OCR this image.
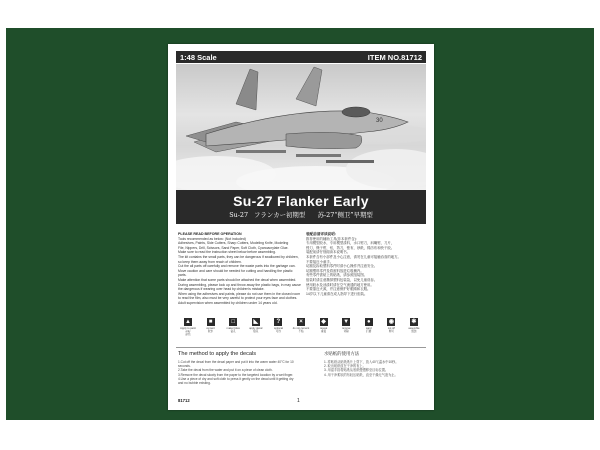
1:48 Scale	ITEM NO.81712
30
Su-27 Flanker Early
Su-27 フランカー初期型　 苏-27“侧卫”早期型
PLEASE READ BEFORE OPERATION
Tools recommended as below: (Not included)
Adhesives, Paints, Side Cutters, Sharp Cutters, Modeling Knife, Modeling
File, Nippers, Drill, Scissors, Sand Paper, Soft Cloth, Cyanoacrylate Glue.
Make sure to read the instruction sheet below before assembling.
The kit contains the small parts, they can be dangerous if swallowed by children,
so keep them away from reach of children.
Cut the all parts off carefully and remove the waste parts into the garbage can.
Move caution and care should be needed for cutting and handling the plastic
parts.
Make attention that some parts should be attached the decal when assembled.
During assembling, please look up and throw away the plastic bags, in may cause
the dangerous if wearing over head by children's mistake.
When using the adhesives and paints, please do not use them in the closed room
to read the film, also must be very careful to protect your eyes face and clothes.
Adult supervision when assembled by children under 14 years old.
装配前请详读说明：
推荐使用的辅助工具(非本套件含)：
专用模型胶水，专用模型漆料，水口钳刀，斜嘴钳，刀片，
锉刀，镊子钳，钻，剪刀，锉布，砂纸，棉纺布和快干胶。
装配前请仔细阅读本说明书。
本套件含有小部件及小心注意，请勿在儿童可接触吞食的地方。
不要接近小童手。
切割及拆取塑料零件时请小心操作并注意安全。
切割塑料零件及将废料放进垃圾桶内。
有些零件需贴上的贴纸，请参照组装图。
组装时请注意撕掉塑料包装袋，以免儿童误吞。
使用胶水及油漆时请在空气流通的地方使用。
不要靠近火源，并注意保护好眼睛和衣服。
14岁以下儿童请在成人指导下进行组装。
▲
Apply to paint only
涂色
■
cement
胶水
□
make holes
钻孔
◣
apply decal
贴花
?
optional
可选
×
do not cement
不粘
◆
repeat
重复
▼
remove
切除
●
sand
打磨
◉
cut off
剪切
✱
assemble
组装
The method to apply the decals	水贴纸的使用方法
1.Cut off the decal from the decal paper and put it into the warm water 40°C for 10
seconds.
2.Take the decal from the water and put it on a piece of clean cloth.
3.Remove the decal slowly from the paper to the targeted location by a wet finger.
4.Use a piece of dry and soft cloth to press it gently on the decal until it getting dry
and no bubble existing.
1. 将贴纸从贴纸纸片上剪下，放入40℃温水中10秒。
2. 取出贴纸放在干净的布上。
3. 用湿手指将贴纸从底纸慢慢移至目标位置。
4. 用干净柔软的布轻压贴纸，直至干燥无气泡为止。
81712	1
